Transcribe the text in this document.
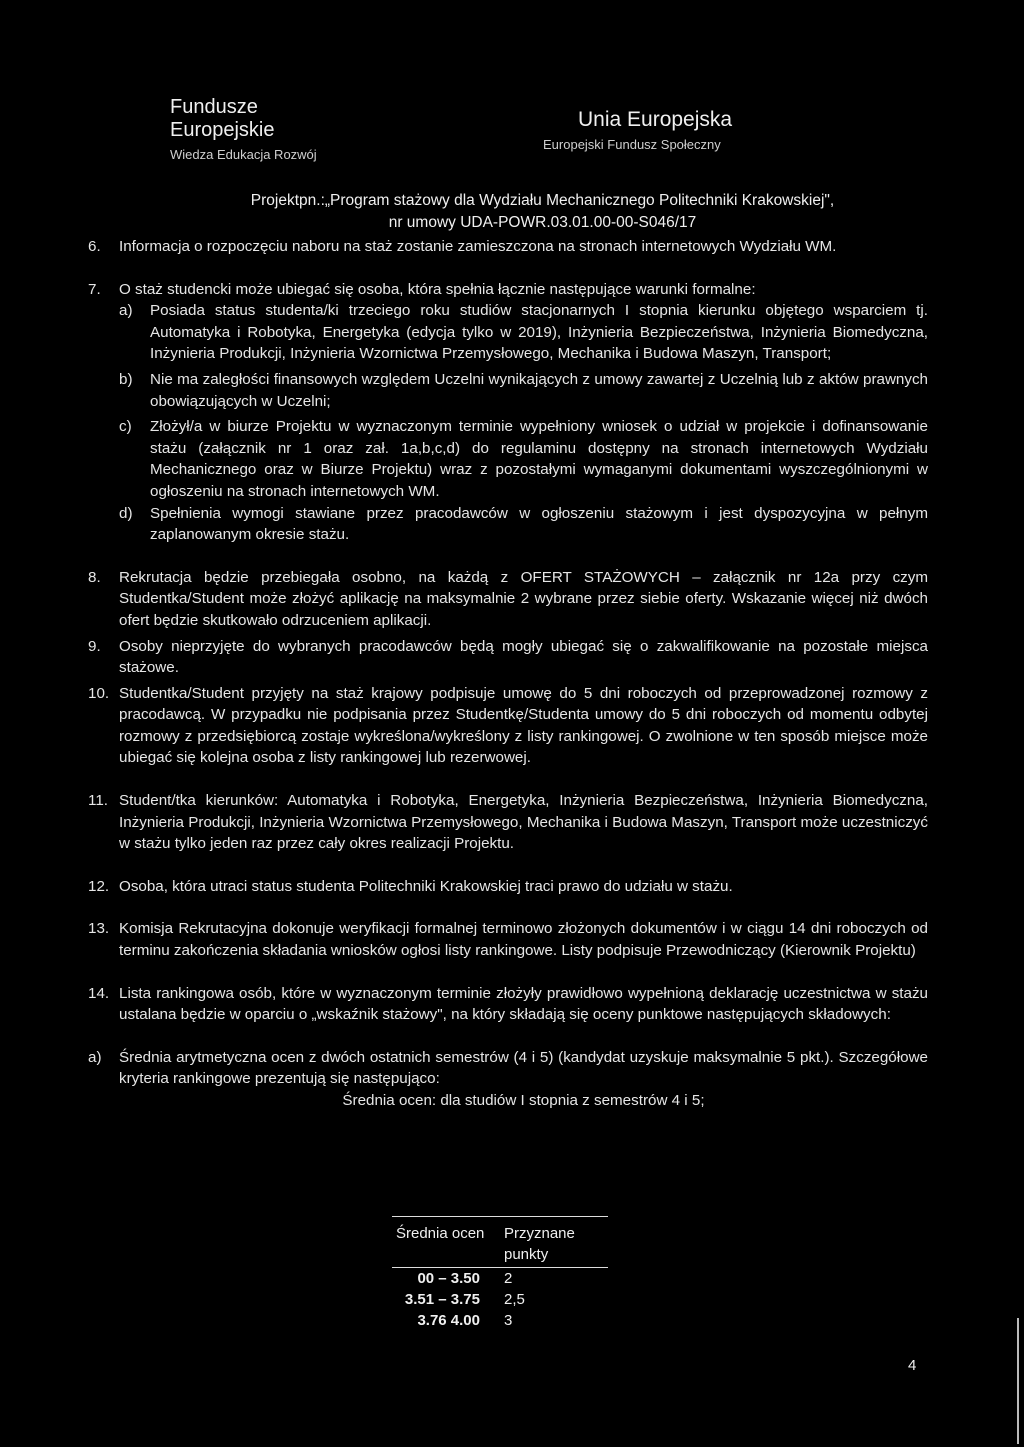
Fundusze
Europejskie
Wiedza Edukacja Rozwój
Unia Europejska
Europejski Fundusz Społeczny
Projektpn.:„Program stażowy dla Wydziału Mechanicznego Politechniki Krakowskiej",
nr umowy UDA-POWR.03.01.00-00-S046/17
6.	Informacja o rozpoczęciu naboru na staż zostanie zamieszczona na stronach internetowych Wydziału WM.
7.	O staż studencki może ubiegać się osoba, która spełnia łącznie następujące warunki formalne:
a)	Posiada status studenta/ki trzeciego roku studiów stacjonarnych I stopnia kierunku objętego wsparciem tj. Automatyka i Robotyka, Energetyka (edycja tylko w 2019), Inżynieria Bezpieczeństwa, Inżynieria Biomedyczna, Inżynieria Produkcji, Inżynieria Wzornictwa Przemysłowego, Mechanika i Budowa Maszyn, Transport;
b)	Nie ma zaległości finansowych względem Uczelni wynikających z umowy zawartej z Uczelnią lub z aktów prawnych obowiązujących w Uczelni;
c)	Złożył/a w biurze Projektu w wyznaczonym terminie wypełniony wniosek o udział w projekcie i dofinansowanie stażu (załącznik nr 1 oraz zał. 1a,b,c,d) do regulaminu dostępny na stronach internetowych Wydziału Mechanicznego oraz w Biurze Projektu) wraz z pozostałymi wymaganymi dokumentami wyszczególnionymi w ogłoszeniu na stronach internetowych WM.
d)	Spełnienia wymogi stawiane przez pracodawców w ogłoszeniu stażowym i jest dyspozycyjna w pełnym zaplanowanym okresie stażu.
8.	Rekrutacja będzie przebiegała osobno, na każdą z OFERT STAŻOWYCH – załącznik nr 12a przy czym Studentka/Student może złożyć aplikację na maksymalnie 2 wybrane przez siebie oferty. Wskazanie więcej niż dwóch ofert będzie skutkowało odrzuceniem aplikacji.
9.	Osoby nieprzyjęte do wybranych pracodawców będą mogły ubiegać się o zakwalifikowanie na pozostałe miejsca stażowe.
10. Studentka/Student przyjęty na staż krajowy podpisuje umowę do 5 dni roboczych od przeprowadzonej rozmowy z pracodawcą. W przypadku nie podpisania przez Studentkę/Studenta umowy do 5 dni roboczych od momentu odbytej rozmowy z przedsiębiorcą zostaje wykreślona/wykreślony z listy rankingowej. O zwolnione w ten sposób miejsce może ubiegać się kolejna osoba z listy rankingowej lub rezerwowej.
11. Student/tka kierunków: Automatyka i Robotyka, Energetyka, Inżynieria Bezpieczeństwa, Inżynieria Biomedyczna, Inżynieria Produkcji, Inżynieria Wzornictwa Przemysłowego, Mechanika i Budowa Maszyn, Transport może uczestniczyć w stażu tylko jeden raz przez cały okres realizacji Projektu.
12. Osoba, która utraci status studenta Politechniki Krakowskiej traci prawo do udziału w stażu.
13. Komisja Rekrutacyjna dokonuje weryfikacji formalnej terminowo złożonych dokumentów i w ciągu 14 dni roboczych od terminu zakończenia składania wniosków ogłosi listy rankingowe. Listy podpisuje Przewodniczący (Kierownik Projektu)
14. Lista rankingowa osób, które w wyznaczonym terminie złożyły prawidłowo wypełnioną deklarację uczestnictwa w stażu ustalana będzie w oparciu o „wskaźnik stażowy", na który składają się oceny punktowe następujących składowych:
a)	Średnia arytmetyczna ocen z dwóch ostatnich semestrów (4 i 5) (kandydat uzyskuje maksymalnie 5 pkt.). Szczegółowe kryteria rankingowe prezentują się następująco:
Średnia ocen: dla studiów I stopnia z semestrów 4 i 5;
Średnia ocen	Przyznane punkty
00 – 3.50	2
3.51 – 3.75	2,5
3.76 4.00	3
4
